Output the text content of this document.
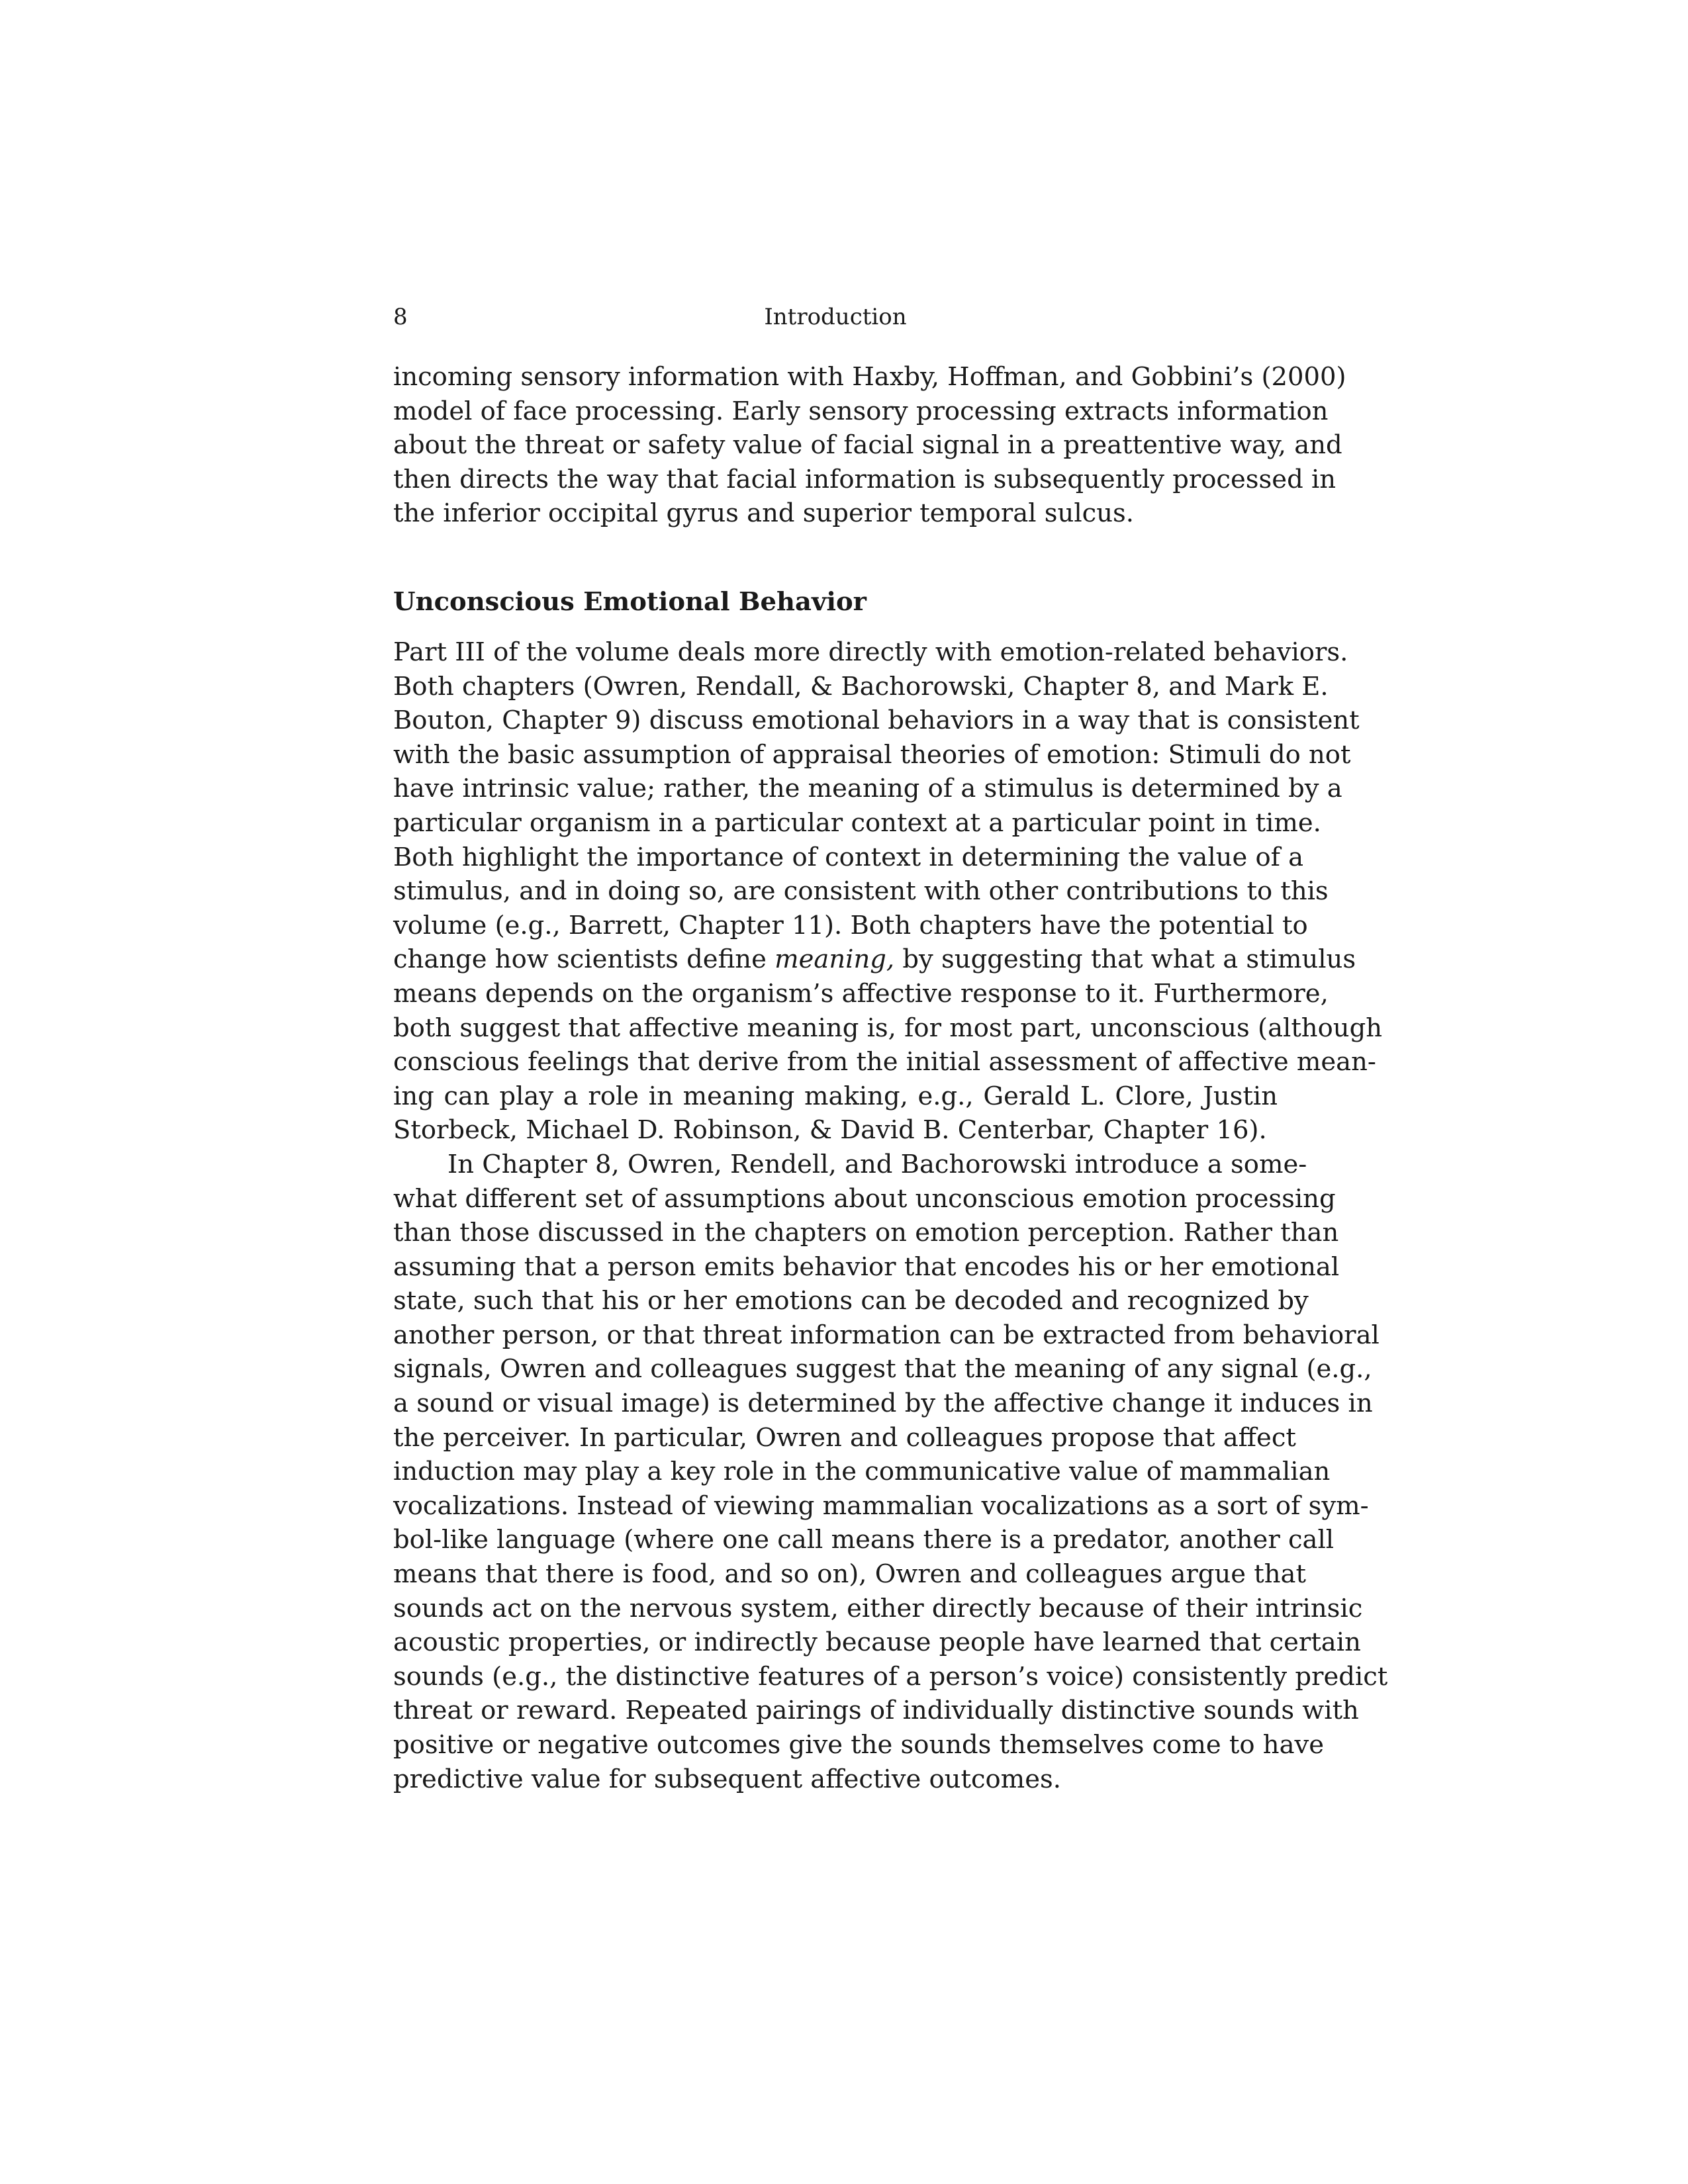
8	Introduction
incoming sensory information with Haxby, Hoffman, and Gobbini’s (2000)
model of face processing. Early sensory processing extracts information
about the threat or safety value of facial signal in a preattentive way, and
then directs the way that facial information is subsequently processed in
the inferior occipital gyrus and superior temporal sulcus.
Unconscious Emotional Behavior
Part III of the volume deals more directly with emotion-related behaviors.
Both chapters (Owren, Rendall, & Bachorowski, Chapter 8, and Mark E.
Bouton, Chapter 9) discuss emotional behaviors in a way that is consistent
with the basic assumption of appraisal theories of emotion: Stimuli do not
have intrinsic value; rather, the meaning of a stimulus is determined by a
particular organism in a particular context at a particular point in time.
Both highlight the importance of context in determining the value of a
stimulus, and in doing so, are consistent with other contributions to this
volume (e.g., Barrett, Chapter 11). Both chapters have the potential to
change how scientists define meaning, by suggesting that what a stimulus
means depends on the organism’s affective response to it. Furthermore,
both suggest that affective meaning is, for most part, unconscious (although
conscious feelings that derive from the initial assessment of affective mean-
ing can play a role in meaning making, e.g., Gerald L. Clore, Justin
Storbeck, Michael D. Robinson, & David B. Centerbar, Chapter 16).
In Chapter 8, Owren, Rendell, and Bachorowski introduce a some-
what different set of assumptions about unconscious emotion processing
than those discussed in the chapters on emotion perception. Rather than
assuming that a person emits behavior that encodes his or her emotional
state, such that his or her emotions can be decoded and recognized by
another person, or that threat information can be extracted from behavioral
signals, Owren and colleagues suggest that the meaning of any signal (e.g.,
a sound or visual image) is determined by the affective change it induces in
the perceiver. In particular, Owren and colleagues propose that affect
induction may play a key role in the communicative value of mammalian
vocalizations. Instead of viewing mammalian vocalizations as a sort of sym-
bol-like language (where one call means there is a predator, another call
means that there is food, and so on), Owren and colleagues argue that
sounds act on the nervous system, either directly because of their intrinsic
acoustic properties, or indirectly because people have learned that certain
sounds (e.g., the distinctive features of a person’s voice) consistently predict
threat or reward. Repeated pairings of individually distinctive sounds with
positive or negative outcomes give the sounds themselves come to have
predictive value for subsequent affective outcomes.
